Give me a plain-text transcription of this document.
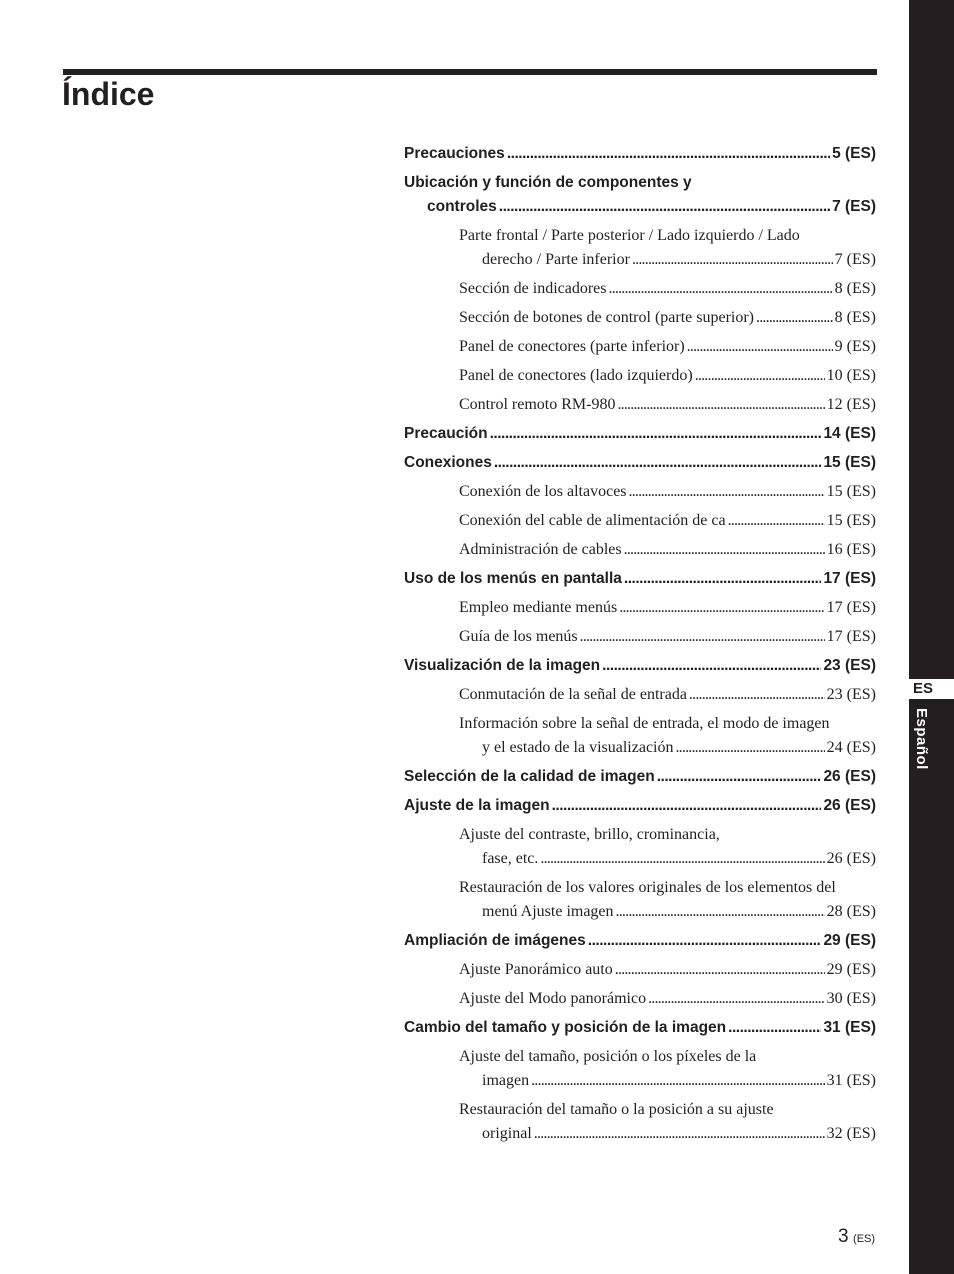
ES
Español
Índice
Precauciones . . .	5 (ES)
Ubicación y función de componentes y
controles . . .	7 (ES)
Parte frontal / Parte posterior / Lado izquierdo / Lado
derecho / Parte inferior . . .	7 (ES)
Sección de indicadores . . .	8 (ES)
Sección de botones de control (parte superior) . . .	8 (ES)
Panel de conectores (parte inferior) . . .	9 (ES)
Panel de conectores (lado izquierdo) . . .	10 (ES)
Control remoto RM-980 . . .	12 (ES)
Precaución . . .	14 (ES)
Conexiones . . .	15 (ES)
Conexión de los altavoces . . .	15 (ES)
Conexión del cable de alimentación de ca . . .	15 (ES)
Administración de cables . . .	16 (ES)
Uso de los menús en pantalla . . .	17 (ES)
Empleo mediante menús . . .	17 (ES)
Guía de los menús . . .	17 (ES)
Visualización de la imagen . . .	23 (ES)
Conmutación de la señal de entrada . . .	23 (ES)
Información sobre la señal de entrada, el modo de imagen
y el estado de la visualización . . .	24 (ES)
Selección de la calidad de imagen . . .	26 (ES)
Ajuste de la imagen . . .	26 (ES)
Ajuste del contraste, brillo, crominancia,
fase, etc. . . .	26 (ES)
Restauración de los valores originales de los elementos del
menú Ajuste imagen . . .	28 (ES)
Ampliación de imágenes . . .	29 (ES)
Ajuste Panorámico auto . . .	29 (ES)
Ajuste del Modo panorámico . . .	30 (ES)
Cambio del tamaño y posición de la imagen . . .	31 (ES)
Ajuste del tamaño, posición o los píxeles de la
imagen . . .	31 (ES)
Restauración del tamaño o la posición a su ajuste
original . . .	32 (ES)
3 (ES)
